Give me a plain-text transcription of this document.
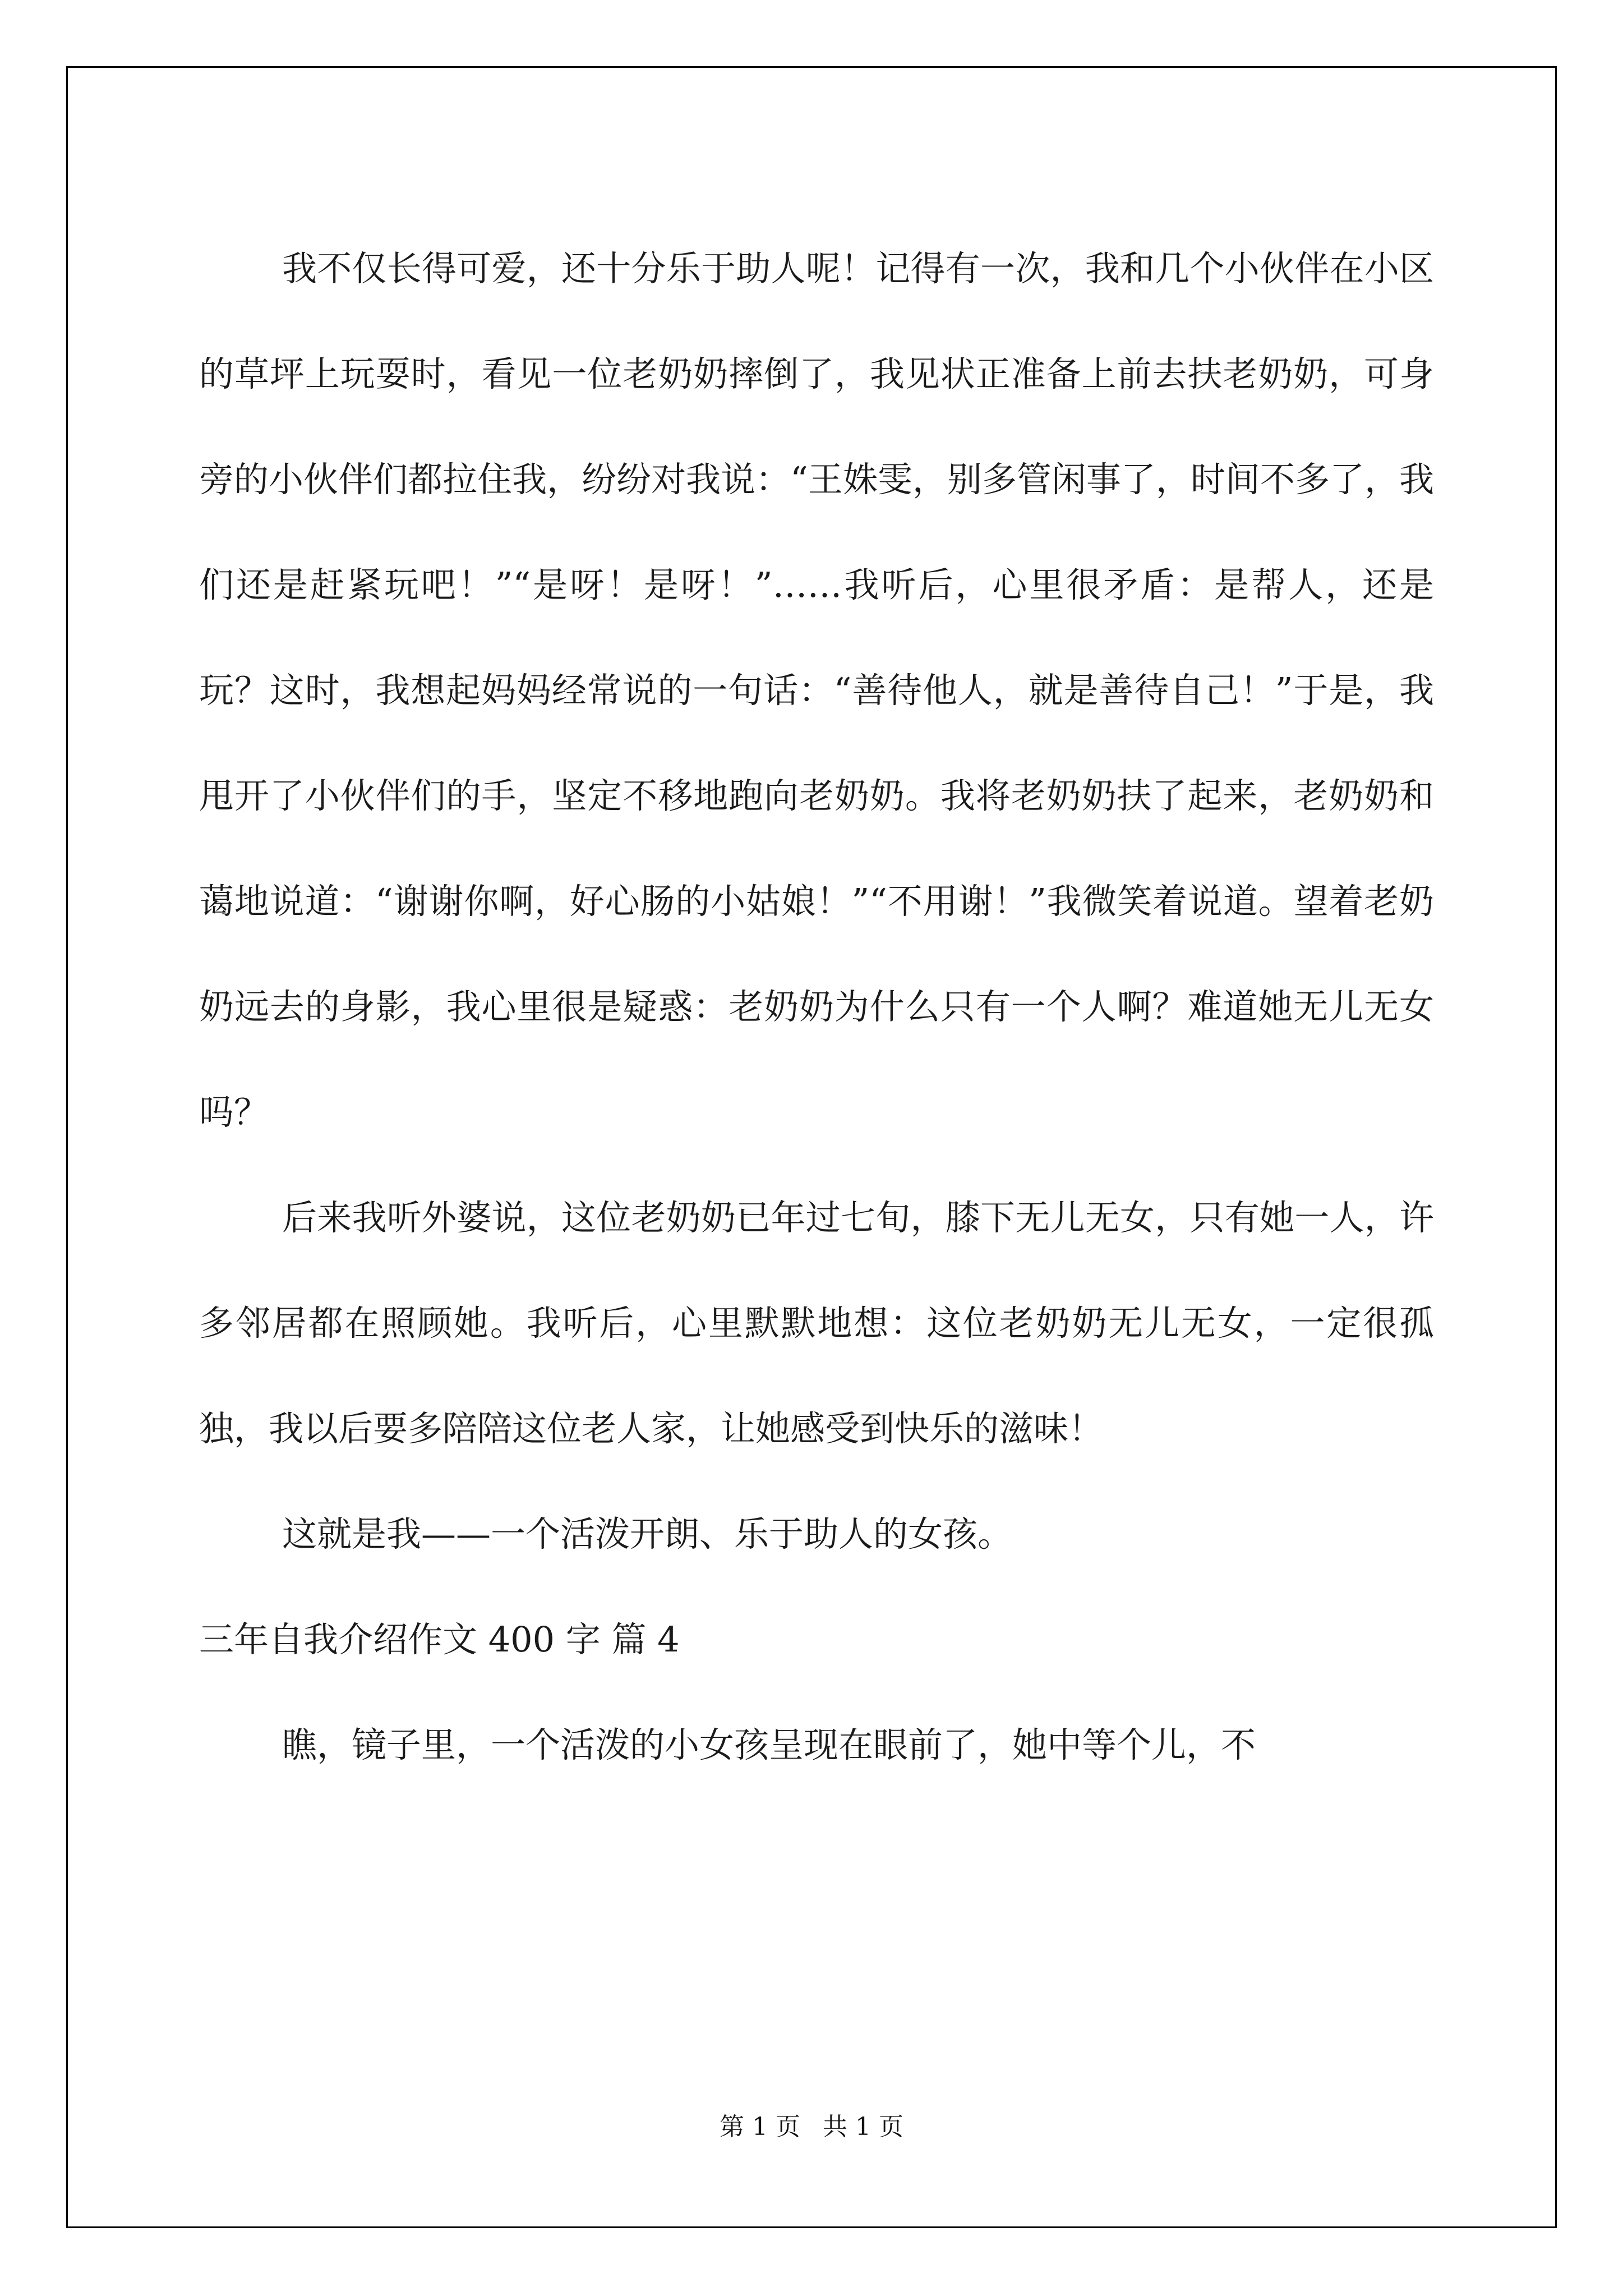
我不仅长得可爱，还十分乐于助人呢！记得有一次，我和几个小伙伴在小区的草坪上玩耍时，看见一位老奶奶摔倒了，我见状正准备上前去扶老奶奶，可身旁的小伙伴们都拉住我，纷纷对我说：“王姝雯，别多管闲事了，时间不多了，我们还是赶紧玩吧！”“是呀！是呀！”……我听后，心里很矛盾：是帮人，还是玩？这时，我想起妈妈经常说的一句话：“善待他人，就是善待自己！”于是，我甩开了小伙伴们的手，坚定不移地跑向老奶奶。我将老奶奶扶了起来，老奶奶和蔼地说道：“谢谢你啊，好心肠的小姑娘！”“不用谢！”我微笑着说道。望着老奶奶远去的身影，我心里很是疑惑：老奶奶为什么只有一个人啊？难道她无儿无女吗？

后来我听外婆说，这位老奶奶已年过七旬，膝下无儿无女，只有她一人，许多邻居都在照顾她。我听后，心里默默地想：这位老奶奶无儿无女，一定很孤独，我以后要多陪陪这位老人家，让她感受到快乐的滋味！

这就是我——一个活泼开朗、乐于助人的女孩。

三年自我介绍作文 400 字 篇 4

瞧，镜子里，一个活泼的小女孩呈现在眼前了，她中等个儿，不

第 1 页 共 1 页
